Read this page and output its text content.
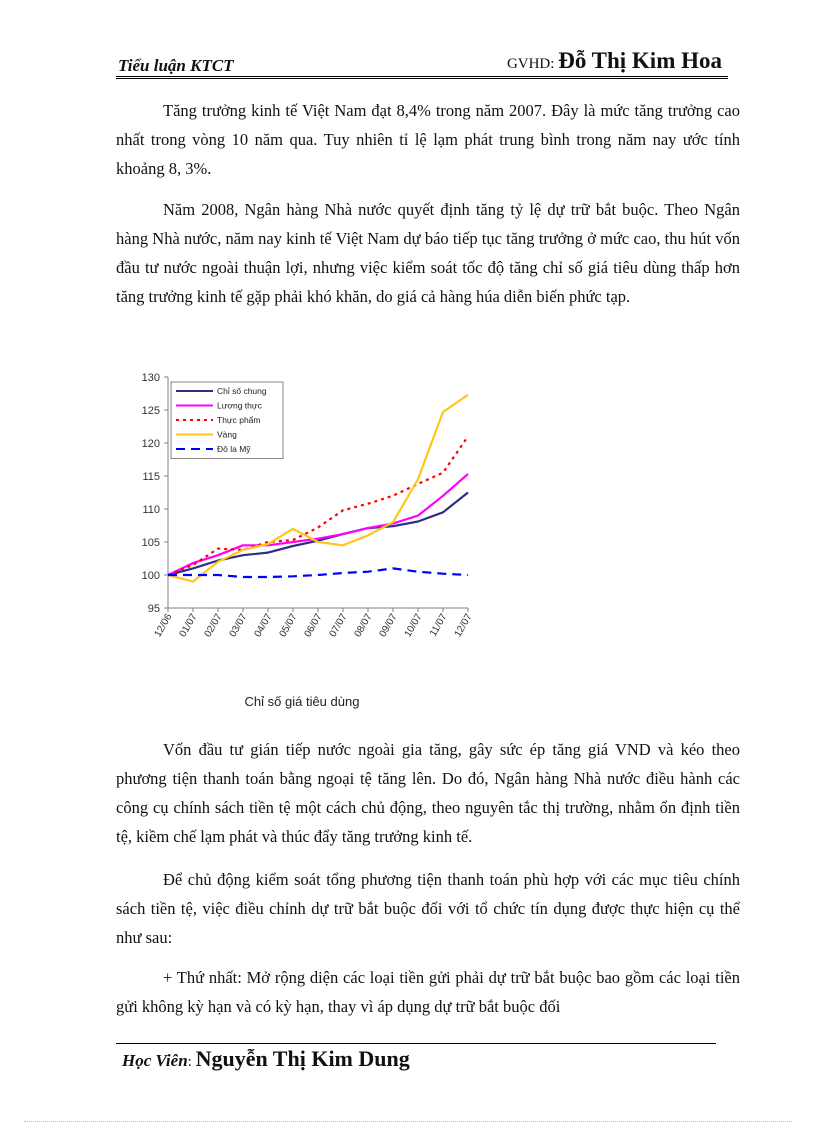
Tiểu luận KTCT	GVHD: Đỗ Thị Kim Hoa

Tăng trưởng kinh tế Việt Nam đạt 8,4% trong năm 2007. Đây là mức tăng trưởng cao nhất trong vòng 10 năm qua. Tuy nhiên tỉ lệ lạm phát trung bình trong năm nay ước tính khoảng 8, 3%.

Năm 2008, Ngân hàng Nhà nước quyết định tăng tỷ lệ dự trữ bắt buộc. Theo Ngân hàng Nhà nước, năm nay kinh tế Việt Nam dự báo tiếp tục tăng trưởng ở mức cao, thu hút vốn đầu tư nước ngoài thuận lợi, nhưng việc kiểm soát tốc độ tăng chỉ số giá tiêu dùng thấp hơn tăng trưởng kinh tế gặp phải khó khăn, do giá cả hàng húa diễn biến phức tạp.

95
100
105
110
115
120
125
130
12/06 01/07 02/07 03/07 04/07 05/07 06/07 07/07 08/07 09/07 10/07 11/07 12/07
Chỉ số chung
Lương thực
Thực phẩm
Vàng
Đô la Mỹ
Chỉ số giá tiêu dùng

Vốn đầu tư gián tiếp nước ngoài gia tăng, gây sức ép tăng giá VND và kéo theo phương tiện thanh toán bằng ngoại tệ tăng lên. Do đó, Ngân hàng Nhà nước điều hành các công cụ chính sách tiền tệ một cách chủ động, theo nguyên tắc thị trường, nhằm ổn định tiền tệ, kiềm chế lạm phát và thúc đẩy tăng trưởng kinh tế.

Để chủ động kiểm soát tổng phương tiện thanh toán phù hợp với các mục tiêu chính sách tiền tệ, việc điều chỉnh dự trữ bắt buộc đối với tổ chức tín dụng được thực hiện cụ thể như sau:

+ Thứ nhất: Mở rộng diện các loại tiền gửi phải dự trữ bắt buộc bao gồm các loại tiền gửi không kỳ hạn và có kỳ hạn, thay vì áp dụng dự trữ bắt buộc đối

Học Viên: Nguyễn Thị Kim Dung
